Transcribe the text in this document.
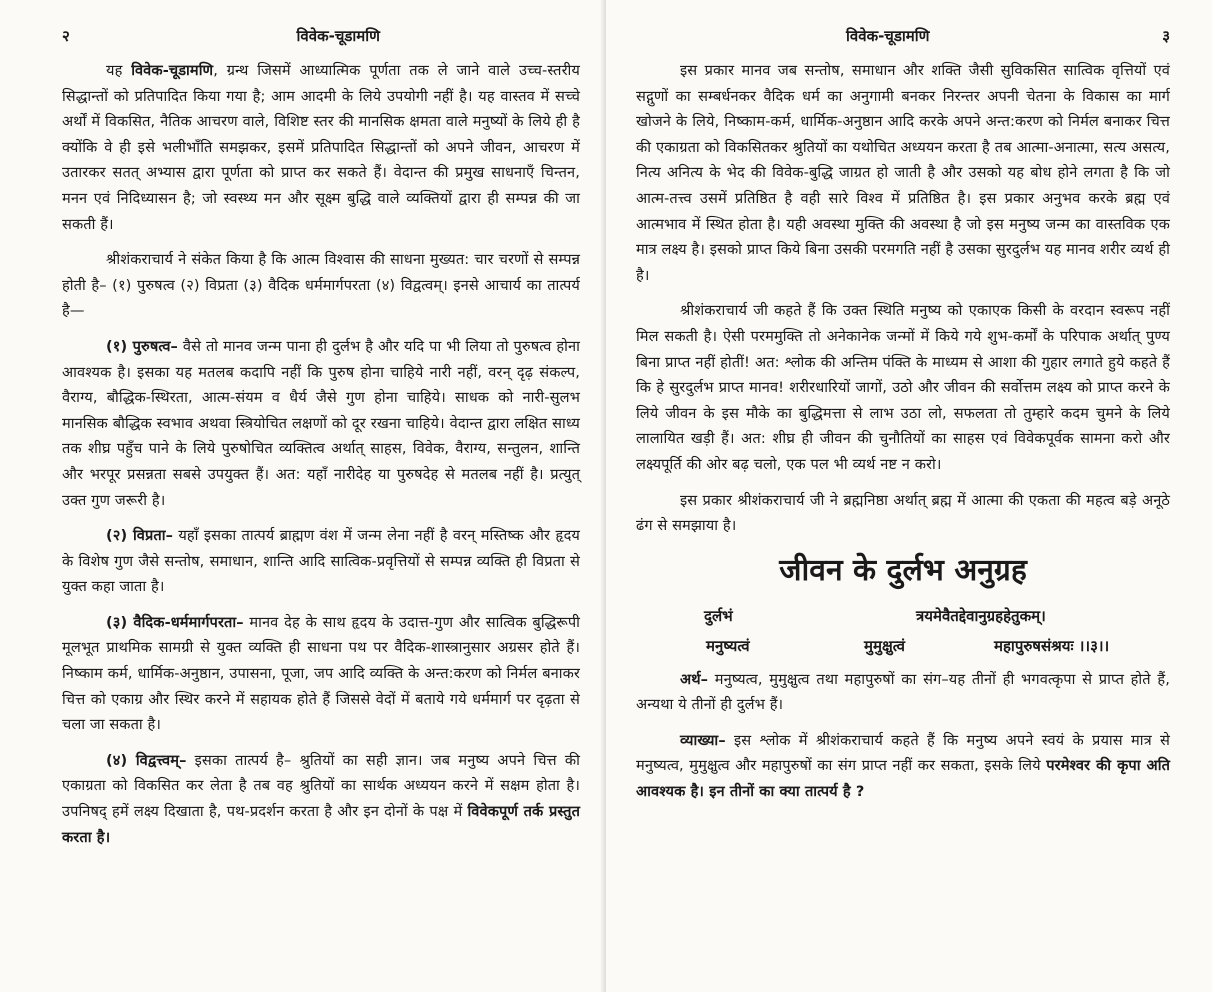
२	विवेक-चूडामणि

यह विवेक-चूडामणि, ग्रन्थ जिसमें आध्यात्मिक पूर्णता तक ले जाने वाले उच्च-स्तरीय सिद्धान्तों को प्रतिपादित किया गया है; आम आदमी के लिये उपयोगी नहीं है। यह वास्तव में सच्चे अर्थों में विकसित, नैतिक आचरण वाले, विशिष्ट स्तर की मानसिक क्षमता वाले मनुष्यों के लिये ही है क्योंकि वे ही इसे भलीभाँति समझकर, इसमें प्रतिपादित सिद्धान्तों को अपने जीवन, आचरण में उतारकर सतत् अभ्यास द्वारा पूर्णता को प्राप्त कर सकते हैं। वेदान्त की प्रमुख साधनाएँ चिन्तन, मनन एवं निदिध्यासन है; जो स्वस्थ्य मन और सूक्ष्म बुद्धि वाले व्यक्तियों द्वारा ही सम्पन्न की जा सकती हैं।

श्रीशंकराचार्य ने संकेत किया है कि आत्म विश्वास की साधना मुख्यत: चार चरणों से सम्पन्न होती है– (१) पुरुषत्व (२) विप्रता (३) वैदिक धर्ममार्गपरता (४) विद्वत्वम्। इनसे आचार्य का तात्पर्य है—

(१) पुरुषत्व– वैसे तो मानव जन्म पाना ही दुर्लभ है और यदि पा भी लिया तो पुरुषत्व होना आवश्यक है। इसका यह मतलब कदापि नहीं कि पुरुष होना चाहिये नारी नहीं, वरन् दृढ़ संकल्प, वैराग्य, बौद्धिक-स्थिरता, आत्म-संयम व धैर्य जैसे गुण होना चाहिये। साधक को नारी-सुलभ मानसिक बौद्धिक स्वभाव अथवा स्त्रियोचित लक्षणों को दूर रखना चाहिये। वेदान्त द्वारा लक्षित साध्य तक शीघ्र पहुँच पाने के लिये पुरुषोचित व्यक्तित्व अर्थात् साहस, विवेक, वैराग्य, सन्तुलन, शान्ति और भरपूर प्रसन्नता सबसे उपयुक्त हैं। अत: यहाँ नारीदेह या पुरुषदेह से मतलब नहीं है। प्रत्युत् उक्त गुण जरूरी है।

(२) विप्रता– यहाँ इसका तात्पर्य ब्राह्मण वंश में जन्म लेना नहीं है वरन् मस्तिष्क और हृदय के विशेष गुण जैसे सन्तोष, समाधान, शान्ति आदि सात्विक-प्रवृत्तियों से सम्पन्न व्यक्ति ही विप्रता से युक्त कहा जाता है।

(३) वैदिक-धर्ममार्गपरता– मानव देह के साथ हृदय के उदात्त-गुण और सात्विक बुद्धिरूपी मूलभूत प्राथमिक सामग्री से युक्त व्यक्ति ही साधना पथ पर वैदिक-शास्त्रानुसार अग्रसर होते हैं। निष्काम कर्म, धार्मिक-अनुष्ठान, उपासना, पूजा, जप आदि व्यक्ति के अन्त:करण को निर्मल बनाकर चित्त को एकाग्र और स्थिर करने में सहायक होते हैं जिससे वेदों में बताये गये धर्ममार्ग पर दृढ़ता से चला जा सकता है।

(४) विद्वत्त्वम्– इसका तात्पर्य है– श्रुतियों का सही ज्ञान। जब मनुष्य अपने चित्त की एकाग्रता को विकसित कर लेता है तब वह श्रुतियों का सार्थक अध्ययन करने में सक्षम होता है। उपनिषद् हमें लक्ष्य दिखाता है, पथ-प्रदर्शन करता है और इन दोनों के पक्ष में विवेकपूर्ण तर्क प्रस्तुत करता है।

विवेक-चूडामणि	३

इस प्रकार मानव जब सन्तोष, समाधान और शक्ति जैसी सुविकसित सात्विक वृत्तियों एवं सद्गुणों का सम्बर्धनकर वैदिक धर्म का अनुगामी बनकर निरन्तर अपनी चेतना के विकास का मार्ग खोजने के लिये, निष्काम-कर्म, धार्मिक-अनुष्ठान आदि करके अपने अन्त:करण को निर्मल बनाकर चित्त की एकाग्रता को विकसितकर श्रुतियों का यथोचित अध्ययन करता है तब आत्मा-अनात्मा, सत्य असत्य, नित्य अनित्य के भेद की विवेक-बुद्धि जाग्रत हो जाती है और उसको यह बोध होने लगता है कि जो आत्म-तत्त्व उसमें प्रतिष्ठित है वही सारे विश्व में प्रतिष्ठित है। इस प्रकार अनुभव करके ब्रह्म एवं आत्मभाव में स्थित होता है। यही अवस्था मुक्ति की अवस्था है जो इस मनुष्य जन्म का वास्तविक एक मात्र लक्ष्य है। इसको प्राप्त किये बिना उसकी परमगति नहीं है उसका सुरदुर्लभ यह मानव शरीर व्यर्थ ही है।

श्रीशंकराचार्य जी कहते हैं कि उक्त स्थिति मनुष्य को एकाएक किसी के वरदान स्वरूप नहीं मिल सकती है। ऐसी परममुक्ति तो अनेकानेक जन्मों में किये गये शुभ-कर्मों के परिपाक अर्थात् पुण्य बिना प्राप्त नहीं होतीं! अत: श्लोक की अन्तिम पंक्ति के माध्यम से आशा की गुहार लगाते हुये कहते हैं कि हे सुरदुर्लभ प्राप्त मानव! शरीरधारियों जागों, उठो और जीवन की सर्वोत्तम लक्ष्य को प्राप्त करने के लिये जीवन के इस मौके का बुद्धिमत्ता से लाभ उठा लो, सफलता तो तुम्हारे कदम चुमने के लिये लालायित खड़ी हैं। अत: शीघ्र ही जीवन की चुनौतियों का साहस एवं विवेकपूर्वक सामना करो और लक्ष्यपूर्ति की ओर बढ़ चलो, एक पल भी व्यर्थ नष्ट न करो।

इस प्रकार श्रीशंकराचार्य जी ने ब्रह्मनिष्ठा अर्थात् ब्रह्म में आत्मा की एकता की महत्व बड़े अनूठे ढंग से समझाया है।

जीवन के दुर्लभ अनुग्रह
दुर्लभं	त्रयमेवैतद्देवानुग्रहहेतुकम्।
मनुष्यत्वं	मुमुक्षुत्वं	महापुरुषसंश्रयः ।।३।।

अर्थ– मनुष्यत्व, मुमुक्षुत्व तथा महापुरुषों का संग–यह तीनों ही भगवत्कृपा से प्राप्त होते हैं, अन्यथा ये तीनों ही दुर्लभ हैं।

व्याख्या– इस श्लोक में श्रीशंकराचार्य कहते हैं कि मनुष्य अपने स्वयं के प्रयास मात्र से मनुष्यत्व, मुमुक्षुत्व और महापुरुषों का संग प्राप्त नहीं कर सकता, इसके लिये परमेश्वर की कृपा अति आवश्यक है। इन तीनों का क्या तात्पर्य है ?
